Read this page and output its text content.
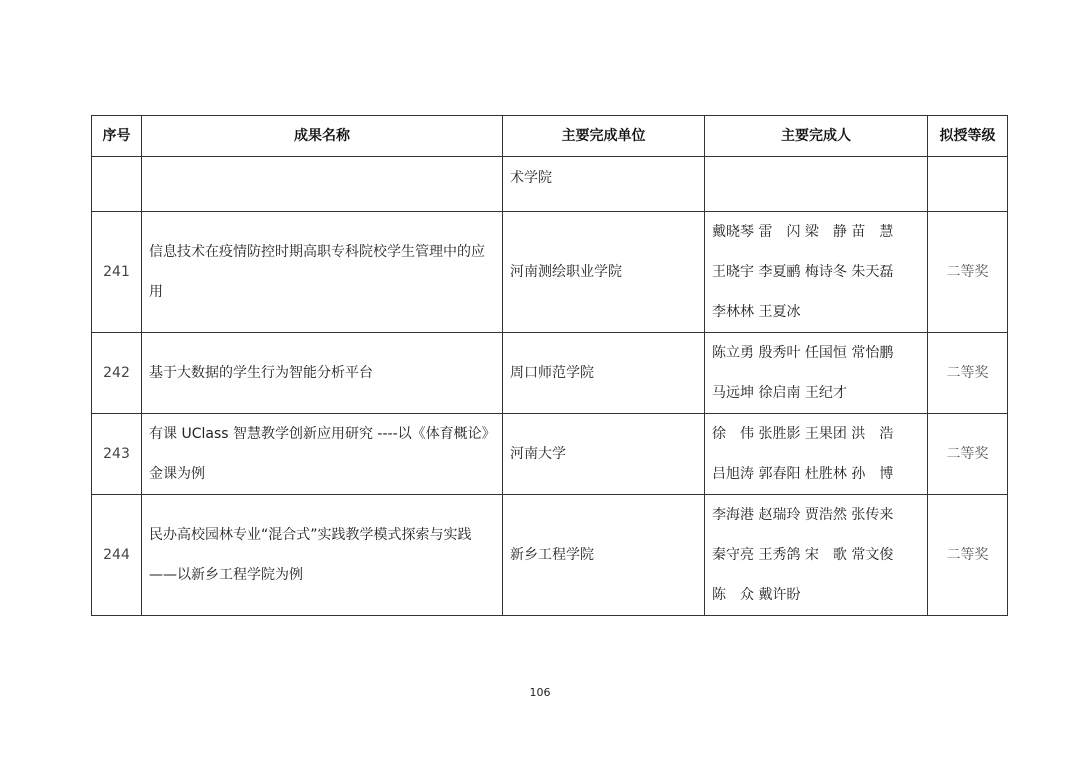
序号	成果名称	主要完成单位	主要完成人	拟授等级
		术学院		
241	信息技术在疫情防控时期高职专科院校学生管理中的应用	河南测绘职业学院	戴晓琴 雷　闪 梁　静 苗　慧
王晓宇 李夏鹂 梅诗冬 朱天磊
李林林 王夏冰	二等奖
242	基于大数据的学生行为智能分析平台	周口师范学院	陈立勇 殷秀叶 任国恒 常怡鹏
马远坤 徐启南 王纪才	二等奖
243	有课 UClass 智慧教学创新应用研究 ----以《体育概论》金课为例	河南大学	徐　伟 张胜影 王果团 洪　浩
吕旭涛 郭春阳 杜胜林 孙　博	二等奖
244	民办高校园林专业“混合式”实践教学模式探索与实践 ——以新乡工程学院为例	新乡工程学院	李海港 赵瑞玲 贾浩然 张传来
秦守亮 王秀鸽 宋　歌 常文俊
陈　众 戴许盼	二等奖
106
